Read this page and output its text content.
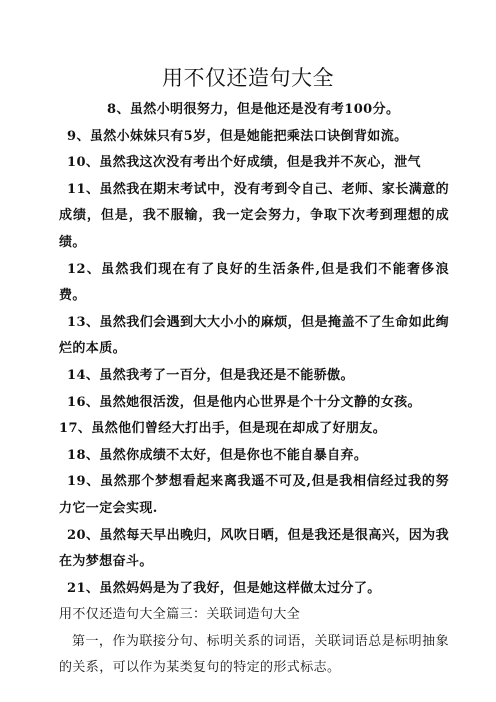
用不仅还造句大全

8、虽然小明很努力，但是他还是没有考100分。

9、虽然小妹妹只有5岁，但是她能把乘法口诀倒背如流。

10、虽然我这次没有考出个好成绩，但是我并不灰心，泄气

11、虽然我在期末考试中，没有考到令自己、老师、家长满意的成绩，但是，我不服输，我一定会努力，争取下次考到理想的成绩。

12、虽然我们现在有了良好的生活条件,但是我们不能奢侈浪费。

13、虽然我们会遇到大大小小的麻烦，但是掩盖不了生命如此绚烂的本质。

14、虽然我考了一百分，但是我还是不能骄傲。

16、虽然她很活泼，但是他内心世界是个十分文静的女孩。

17、虽然他们曾经大打出手，但是现在却成了好朋友。

18、虽然你成绩不太好，但是你也不能自暴自弃。

19、虽然那个梦想看起来离我遥不可及,但是我相信经过我的努力它一定会实现.

20、虽然每天早出晚归，风吹日晒，但是我还是很高兴，因为我在为梦想奋斗。

21、虽然妈妈是为了我好，但是她这样做太过分了。

用不仅还造句大全篇三：关联词造句大全

第一，作为联接分句、标明关系的词语，关联词语总是标明抽象的关系，可以作为某类复句的特定的形式标志。
